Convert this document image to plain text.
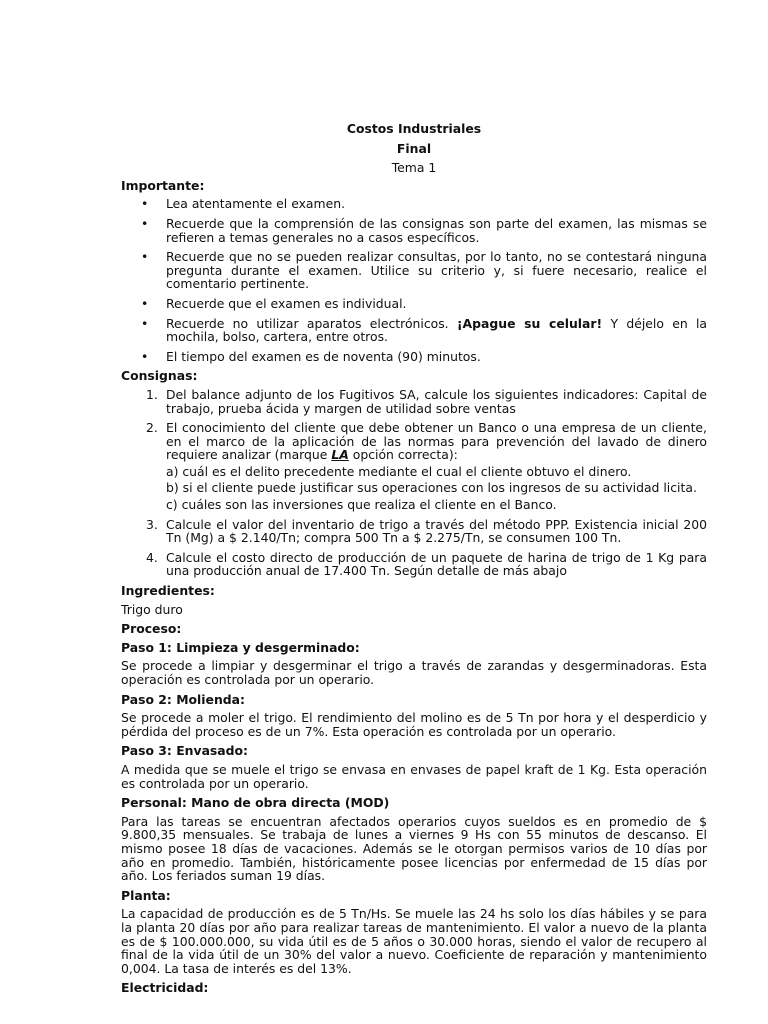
Costos Industriales
Final
Tema 1
Importante:
• Lea atentamente el examen.
• Recuerde que la comprensión de las consignas son parte del examen, las mismas se refieren a temas generales no a casos específicos.
• Recuerde que no se pueden realizar consultas, por lo tanto, no se contestará ninguna pregunta durante el examen. Utilice su criterio y, si fuere necesario, realice el comentario pertinente.
• Recuerde que el examen es individual.
• Recuerde no utilizar aparatos electrónicos. ¡Apague su celular! Y déjelo en la mochila, bolso, cartera, entre otros.
• El tiempo del examen es de noventa (90) minutos.
Consignas:
1. Del balance adjunto de los Fugitivos SA, calcule los siguientes indicadores: Capital de trabajo, prueba ácida y margen de utilidad sobre ventas
2. El conocimiento del cliente que debe obtener un Banco o una empresa de un cliente, en el marco de la aplicación de las normas para prevención del lavado de dinero requiere analizar (marque LA opción correcta):
a) cuál es el delito precedente mediante el cual el cliente obtuvo el dinero.
b) si el cliente puede justificar sus operaciones con los ingresos de su actividad licita.
c) cuáles son las inversiones que realiza el cliente en el Banco.
3. Calcule el valor del inventario de trigo a través del método PPP. Existencia inicial 200 Tn (Mg) a $ 2.140/Tn; compra 500 Tn a $ 2.275/Tn, se consumen 100 Tn.
4. Calcule el costo directo de producción de un paquete de harina de trigo de 1 Kg para una producción anual de 17.400 Tn. Según detalle de más abajo
Ingredientes:
Trigo duro
Proceso:
Paso 1: Limpieza y desgerminado:
Se procede a limpiar y desgerminar el trigo a través de zarandas y desgerminadoras. Esta operación es controlada por un operario.
Paso 2: Molienda:
Se procede a moler el trigo. El rendimiento del molino es de 5 Tn por hora y el desperdicio y pérdida del proceso es de un 7%. Esta operación es controlada por un operario.
Paso 3: Envasado:
A medida que se muele el trigo se envasa en envases de papel kraft de 1 Kg. Esta operación es controlada por un operario.
Personal: Mano de obra directa (MOD)
Para las tareas se encuentran afectados operarios cuyos sueldos es en promedio de $ 9.800,35 mensuales. Se trabaja de lunes a viernes 9 Hs con 55 minutos de descanso. El mismo posee 18 días de vacaciones. Además se le otorgan permisos varios de 10 días por año en promedio. También, históricamente posee licencias por enfermedad de 15 días por año. Los feriados suman 19 días.
Planta:
La capacidad de producción es de 5 Tn/Hs. Se muele las 24 hs solo los días hábiles y se para la planta 20 días por año para realizar tareas de mantenimiento. El valor a nuevo de la planta es de $ 100.000.000, su vida útil es de 5 años o 30.000 horas, siendo el valor de recupero al final de la vida útil de un 30% del valor a nuevo. Coeficiente de reparación y mantenimiento 0,004. La tasa de interés es del 13%.
Electricidad:
